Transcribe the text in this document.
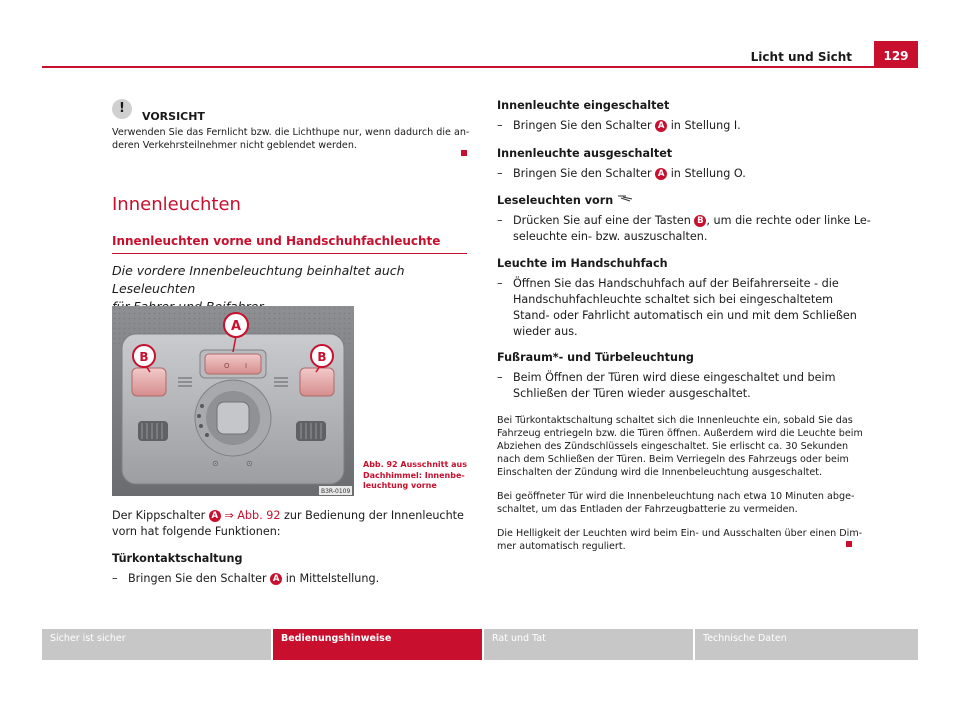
Licht und Sicht	129
!
VORSICHT
Verwenden Sie das Fernlicht bzw. die Lichthupe nur, wenn dadurch die an-
deren Verkehrsteilnehmer nicht geblendet werden.
Innenleuchten
Innenleuchten vorne und Handschuhfachleuchte
Die vordere Innenbeleuchtung beinhaltet auch Leseleuchten
O I
⊙	⊙
A
B	B
B3R-0109
Abb. 92 Ausschnitt aus
Dachhimmel: Innenbe-
leuchtung vorne
Der Kippschalter A ⇒ Abb. 92 zur Bedienung der Innenleuchte
vorn hat folgende Funktionen:
Türkontaktschaltung
– Bringen Sie den Schalter A in Mittelstellung.
Innenleuchte eingeschaltet
– Bringen Sie den Schalter A in Stellung I.
Innenleuchte ausgeschaltet
– Bringen Sie den Schalter A in Stellung O.
Leseleuchten vorn
– Drücken Sie auf eine der Tasten B , um die rechte oder linke Le-
seleuchte ein- bzw. auszuschalten.
Leuchte im Handschuhfach
– Öffnen Sie das Handschuhfach auf der Beifahrerseite - die
Handschuhfachleuchte schaltet sich bei eingeschaltetem
Stand- oder Fahrlicht automatisch ein und mit dem Schließen
wieder aus.
Fußraum*- und Türbeleuchtung
– Beim Öffnen der Türen wird diese eingeschaltet und beim
Schließen der Türen wieder ausgeschaltet.
Bei Türkontaktschaltung schaltet sich die Innenleuchte ein, sobald Sie das
Fahrzeug entriegeln bzw. die Türen öffnen. Außerdem wird die Leuchte beim
Abziehen des Zündschlüssels eingeschaltet. Sie erlischt ca. 30 Sekunden
nach dem Schließen der Türen. Beim Verriegeln des Fahrzeugs oder beim
Einschalten der Zündung wird die Innenbeleuchtung ausgeschaltet.
Bei geöffneter Tür wird die Innenbeleuchtung nach etwa 10 Minuten abge-
schaltet, um das Entladen der Fahrzeugbatterie zu vermeiden.
Die Helligkeit der Leuchten wird beim Ein- und Ausschalten über einen Dim-
mer automatisch reguliert.
Sicher ist sicher	Bedienungshinweise	Rat und Tat	Technische Daten
